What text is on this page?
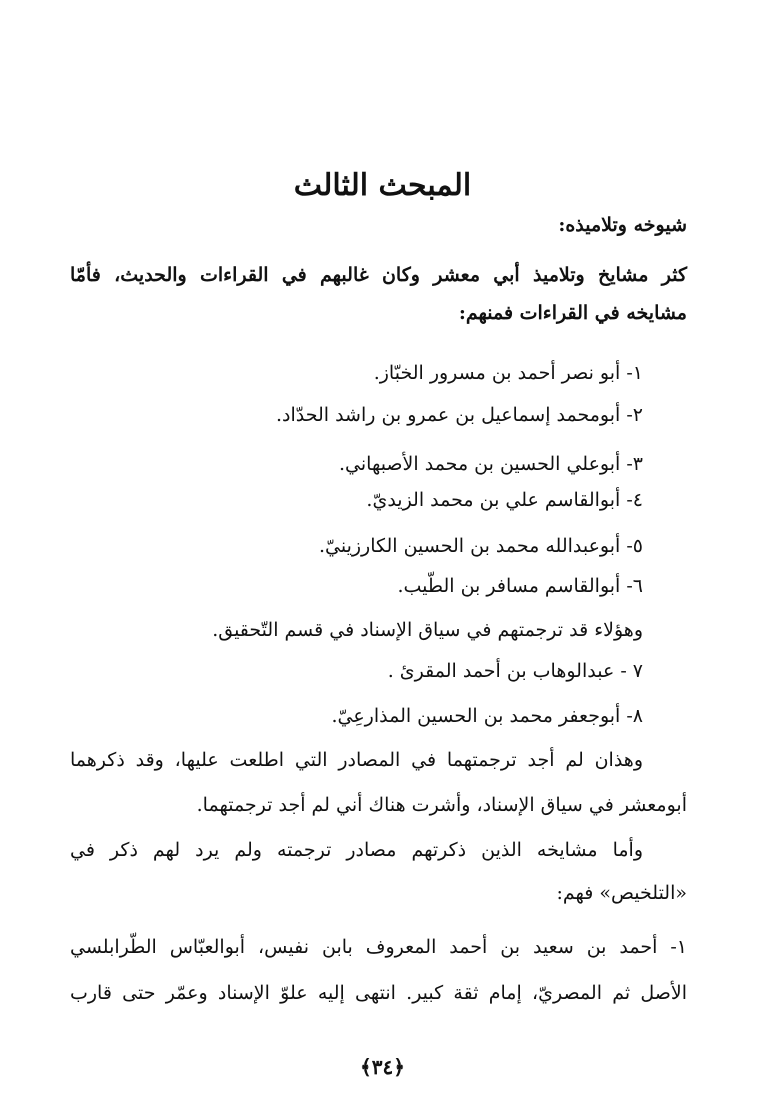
المبحث الثالث

شيوخه وتلاميذه:

كثر مشايخ وتلاميذ أبي معشر وكان غالبهم في القراءات والحديث، فأمّا

مشايخه في القراءات فمنهم:

١- أبو نصر أحمد بن مسرور الخبّاز.

٢- أبومحمد إسماعيل بن عمرو بن راشد الحدّاد.

٣- أبوعلي الحسين بن محمد الأصبهاني.

٤- أبوالقاسم علي بن محمد الزيديّ.

٥- أبوعبدالله محمد بن الحسين الكارزينيّ.

٦- أبوالقاسم مسافر بن الطّيب.

وهؤلاء قد ترجمتهم في سياق الإسناد في قسم التّحقيق.

٧ - عبدالوهاب بن أحمد المقرئ .

٨- أبوجعفر محمد بن الحسين المذارعِيّ.

وهذان لم أجد ترجمتهما في المصادر التي اطلعت عليها، وقد ذكرهما

أبومعشر في سياق الإسناد، وأشرت هناك أني لم أجد ترجمتهما.

وأما مشايخه الذين ذكرتهم مصادر ترجمته ولم يرد لهم ذكر في

«التلخيص» فهم:

١- أحمد بن سعيد بن أحمد المعروف بابن نفيس، أبوالعبّاس الطّرابلسي

الأصل ثم المصريّ، إمام ثقة كبير. انتهى إليه علوّ الإسناد وعمّر حتى قارب

﴿٣٤﴾
